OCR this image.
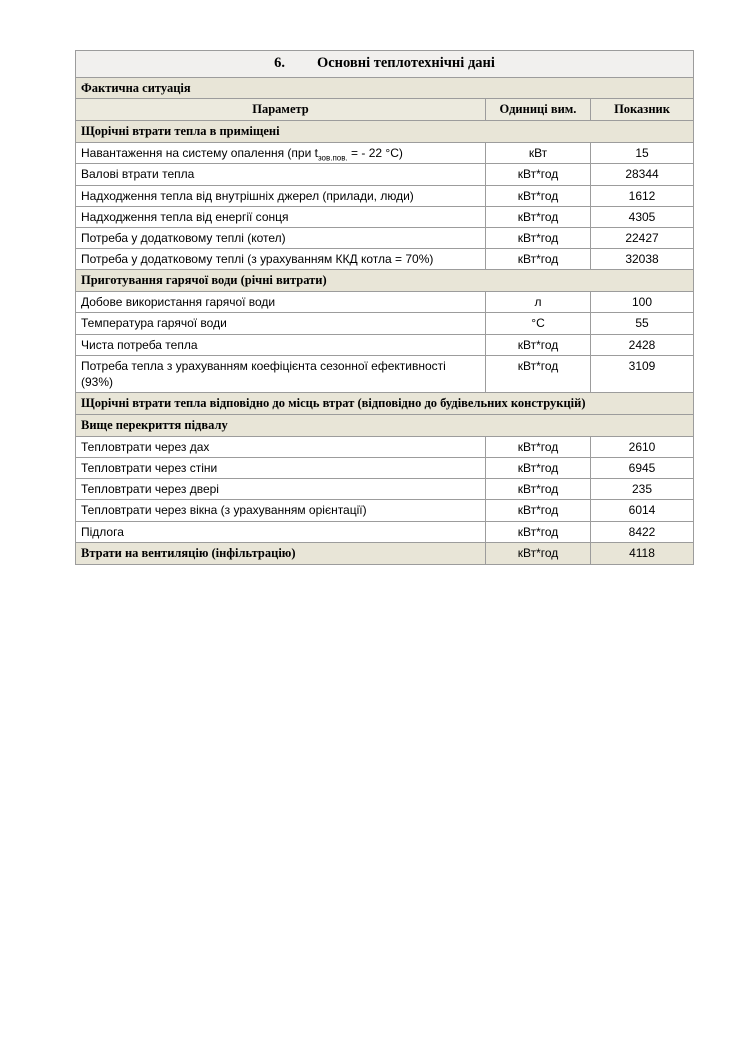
6. Основні теплотехнічні дані		
Фактична ситуація		
Параметр	Одиниці вим.	Показник
Щорічні втрати тепла в приміщені		
Навантаження на систему опалення (при $t_{зов.пов.}$ = - 22 °С)	кВт	15
Валові втрати тепла	кВт*год	28344
Надходження тепла від внутрішніх джерел (прилади, люди)	кВт*год	1612
Надходження тепла від енергії сонця	кВт*год	4305
Потреба у додатковому теплі (котел)	кВт*год	22427
Потреба у додатковому теплі (з урахуванням ККД котла = 70%)	кВт*год	32038
Приготування гарячої води (річні витрати)		
Добове використання гарячої води	л	100
Температура гарячої води	°С	55
Чиста потреба тепла	кВт*год	2428
Потреба тепла з урахуванням коефіцієнта сезонної ефективності (93%)	кВт*год	3109
Щорічні втрати тепла відповідно до місць втрат (відповідно до будівельних конструкцій)		
Вище перекриття підвалу		
Тепловтрати через дах	кВт*год	2610
Тепловтрати через стіни	кВт*год	6945
Тепловтрати через двері	кВт*год	235
Тепловтрати через вікна (з урахуванням орієнтації)	кВт*год	6014
Підлога	кВт*год	8422
Втрати на вентиляцію (інфільтрацію)	кВт*год	4118
